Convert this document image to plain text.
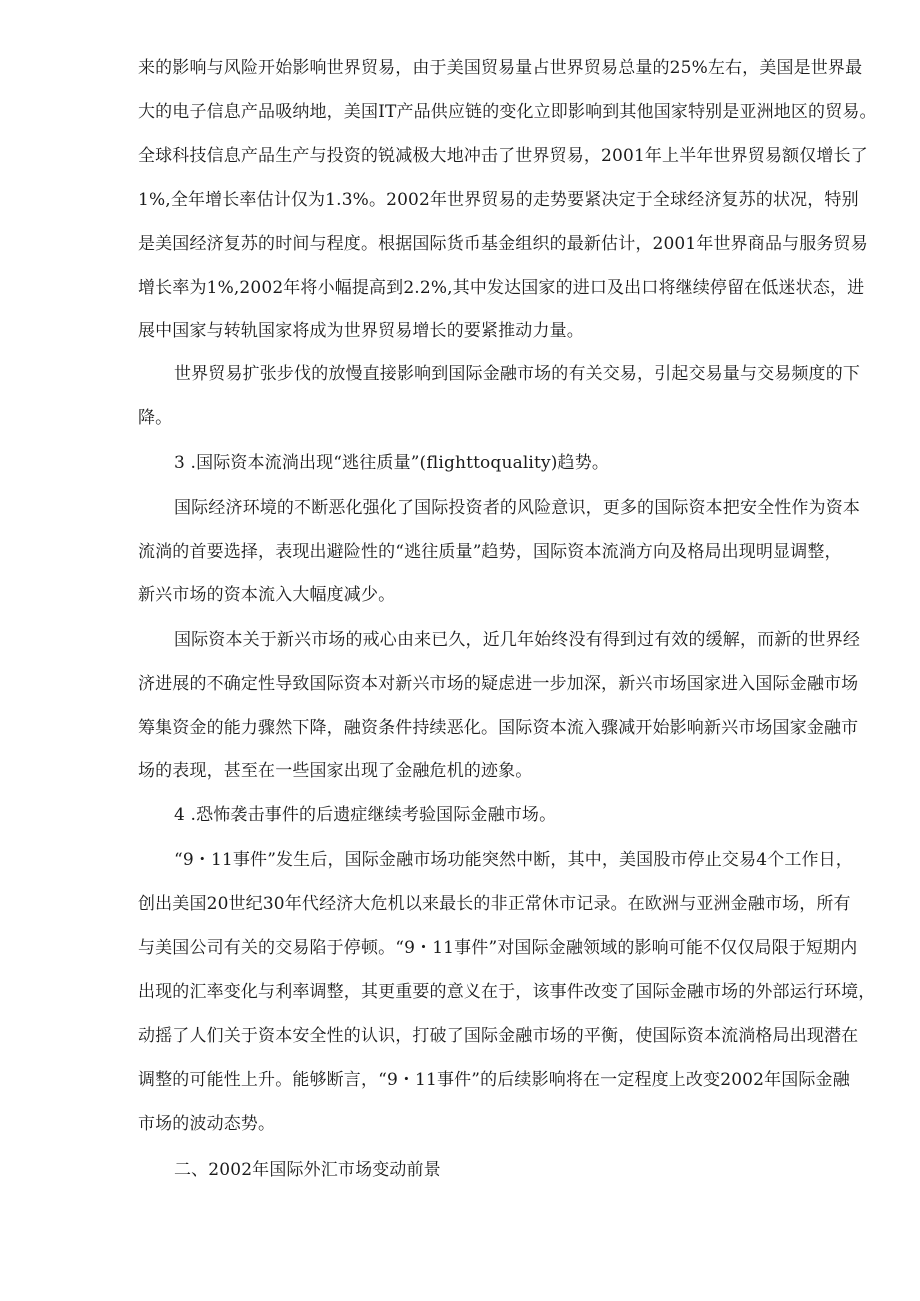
来的影响与风险开始影响世界贸易，由于美国贸易量占世界贸易总量的25%左右，美国是世界最
大的电子信息产品吸纳地，美国IT产品供应链的变化立即影响到其他国家特别是亚洲地区的贸易。
全球科技信息产品生产与投资的锐减极大地冲击了世界贸易，2001年上半年世界贸易额仅增长了
1%,全年增长率估计仅为1.3%。2002年世界贸易的走势要紧决定于全球经济复苏的状况，特别
是美国经济复苏的时间与程度。根据国际货币基金组织的最新估计，2001年世界商品与服务贸易
增长率为1%,2002年将小幅提高到2.2%,其中发达国家的进口及出口将继续停留在低迷状态，进
展中国家与转轨国家将成为世界贸易增长的要紧推动力量。
世界贸易扩张步伐的放慢直接影响到国际金融市场的有关交易，引起交易量与交易频度的下
降。
3 .国际资本流淌出现“逃往质量”(flighttoquality)趋势。
国际经济环境的不断恶化强化了国际投资者的风险意识，更多的国际资本把安全性作为资本
流淌的首要选择，表现出避险性的“逃往质量”趋势，国际资本流淌方向及格局出现明显调整，
新兴市场的资本流入大幅度减少。
国际资本关于新兴市场的戒心由来已久，近几年始终没有得到过有效的缓解，而新的世界经
济进展的不确定性导致国际资本对新兴市场的疑虑进一步加深，新兴市场国家进入国际金融市场
筹集资金的能力骤然下降，融资条件持续恶化。国际资本流入骤减开始影响新兴市场国家金融市
场的表现，甚至在一些国家出现了金融危机的迹象。
4 .恐怖袭击事件的后遗症继续考验国际金融市场。
“9・11事件”发生后，国际金融市场功能突然中断，其中，美国股市停止交易4个工作日，
创出美国20世纪30年代经济大危机以来最长的非正常休市记录。在欧洲与亚洲金融市场，所有
与美国公司有关的交易陷于停顿。“9・11事件”对国际金融领域的影响可能不仅仅局限于短期内
出现的汇率变化与利率调整，其更重要的意义在于，该事件改变了国际金融市场的外部运行环境，
动摇了人们关于资本安全性的认识，打破了国际金融市场的平衡，使国际资本流淌格局出现潜在
调整的可能性上升。能够断言，“9・11事件”的后续影响将在一定程度上改变2002年国际金融
市场的波动态势。
二、2002年国际外汇市场变动前景
